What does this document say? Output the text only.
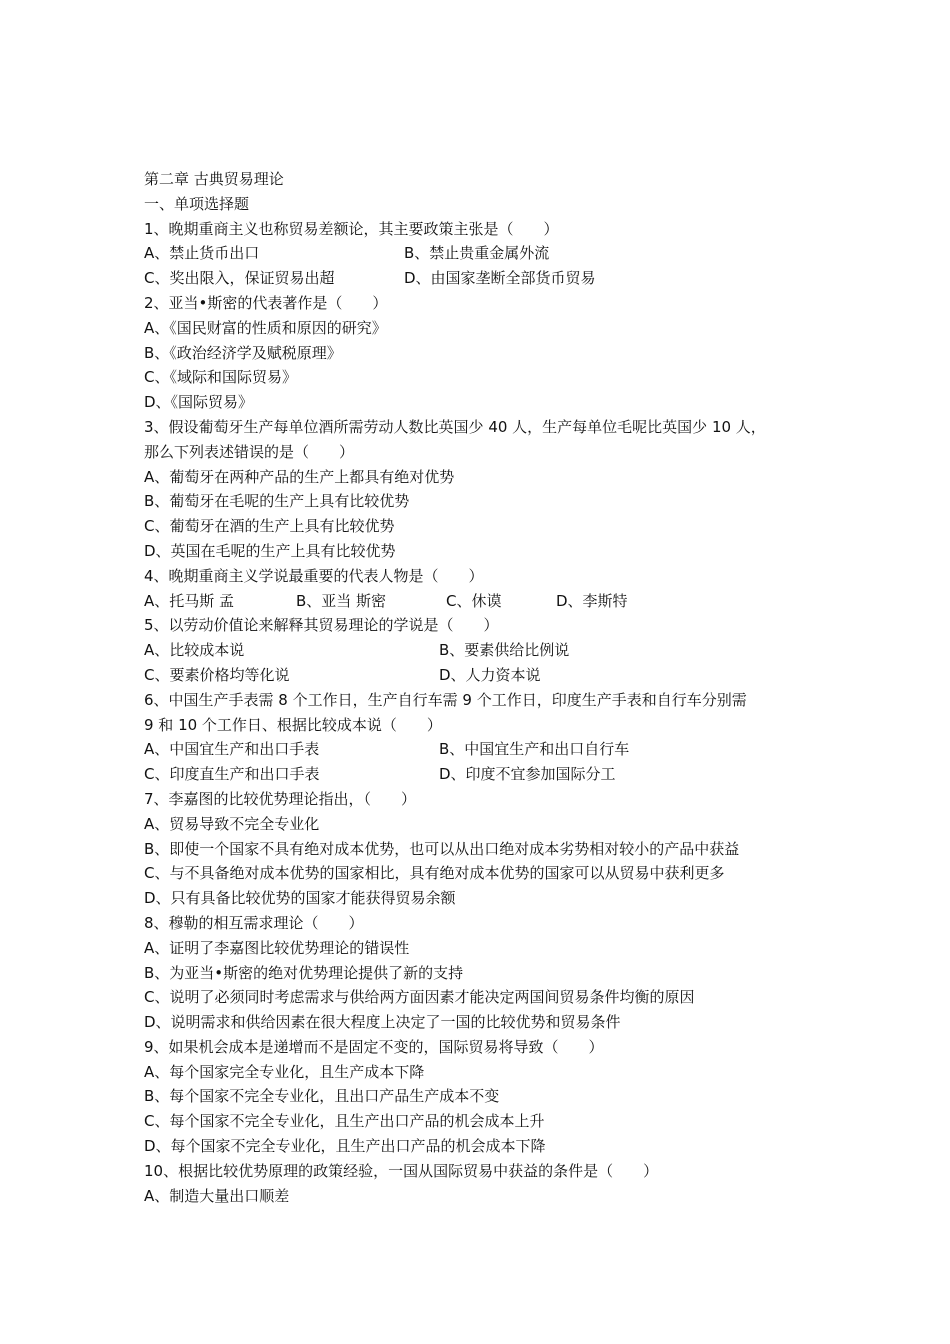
第二章 古典贸易理论
一、单项选择题
1、晚期重商主义也称贸易差额论，其主要政策主张是（　　）
A、禁止货币出口	B、禁止贵重金属外流
C、奖出限入，保证贸易出超	D、由国家垄断全部货币贸易
2、亚当•斯密的代表著作是（　　）
A、《国民财富的性质和原因的研究》
B、《政治经济学及赋税原理》
C、《域际和国际贸易》
D、《国际贸易》
3、假设葡萄牙生产每单位酒所需劳动人数比英国少 40 人，生产每单位毛呢比英国少 10 人，
那么下列表述错误的是（　　）
A、葡萄牙在两种产品的生产上都具有绝对优势
B、葡萄牙在毛呢的生产上具有比较优势
C、葡萄牙在酒的生产上具有比较优势
D、英国在毛呢的生产上具有比较优势
4、晚期重商主义学说最重要的代表人物是（　　）
A、托马斯 孟	B、亚当 斯密	C、休谟	D、李斯特
5、以劳动价值论来解释其贸易理论的学说是（　　）
A、比较成本说	B、要素供给比例说
C、要素价格均等化说	D、人力资本说
6、中国生产手表需 8 个工作日，生产自行车需 9 个工作日，印度生产手表和自行车分别需
9 和 10 个工作日、根据比较成本说（　　）
A、中国宜生产和出口手表	B、中国宜生产和出口自行车
C、印度直生产和出口手表	D、印度不宜参加国际分工
7、李嘉图的比较优势理论指出，（　　）
A、贸易导致不完全专业化
B、即使一个国家不具有绝对成本优势，也可以从出口绝对成本劣势相对较小的产品中获益
C、与不具备绝对成本优势的国家相比，具有绝对成本优势的国家可以从贸易中获利更多
D、只有具备比较优势的国家才能获得贸易余额
8、穆勒的相互需求理论（　　）
A、证明了李嘉图比较优势理论的错误性
B、为亚当•斯密的绝对优势理论提供了新的支持
C、说明了必须同时考虑需求与供给两方面因素才能决定两国间贸易条件均衡的原因
D、说明需求和供给因素在很大程度上决定了一国的比较优势和贸易条件
9、如果机会成本是递增而不是固定不变的，国际贸易将导致（　　）
A、每个国家完全专业化，且生产成本下降
B、每个国家不完全专业化，且出口产品生产成本不变
C、每个国家不完全专业化，且生产出口产品的机会成本上升
D、每个国家不完全专业化，且生产出口产品的机会成本下降
10、根据比较优势原理的政策经验，一国从国际贸易中获益的条件是（　　）
A、制造大量出口顺差
